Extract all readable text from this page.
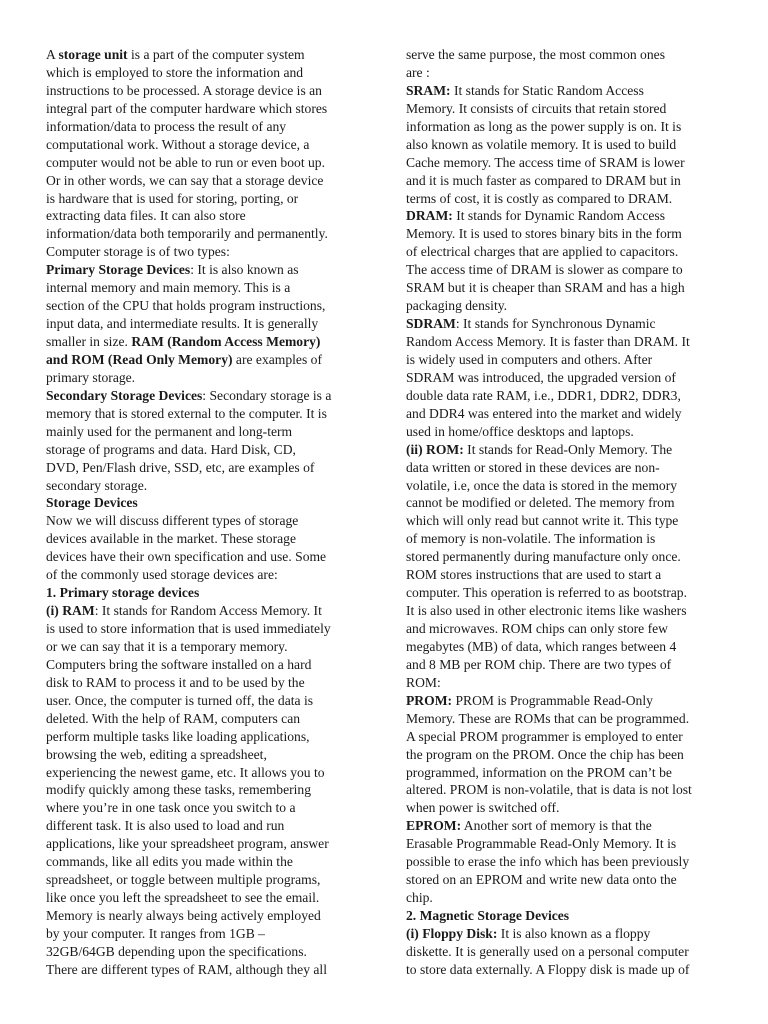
A storage unit is a part of the computer system
which is employed to store the information and
instructions to be processed. A storage device is an
integral part of the computer hardware which stores
information/data to process the result of any
computational work. Without a storage device, a
computer would not be able to run or even boot up.
Or in other words, we can say that a storage device
is hardware that is used for storing, porting, or
extracting data files. It can also store
information/data both temporarily and permanently.
Computer storage is of two types:
Primary Storage Devices: It is also known as
internal memory and main memory. This is a
section of the CPU that holds program instructions,
input data, and intermediate results. It is generally
smaller in size. RAM (Random Access Memory)
and ROM (Read Only Memory) are examples of
primary storage.
Secondary Storage Devices: Secondary storage is a
memory that is stored external to the computer. It is
mainly used for the permanent and long-term
storage of programs and data. Hard Disk, CD,
DVD, Pen/Flash drive, SSD, etc, are examples of
secondary storage.
Storage Devices
Now we will discuss different types of storage
devices available in the market. These storage
devices have their own specification and use. Some
of the commonly used storage devices are:
1. Primary storage devices
(i) RAM: It stands for Random Access Memory. It
is used to store information that is used immediately
or we can say that it is a temporary memory.
Computers bring the software installed on a hard
disk to RAM to process it and to be used by the
user. Once, the computer is turned off, the data is
deleted. With the help of RAM, computers can
perform multiple tasks like loading applications,
browsing the web, editing a spreadsheet,
experiencing the newest game, etc. It allows you to
modify quickly among these tasks, remembering
where you’re in one task once you switch to a
different task. It is also used to load and run
applications, like your spreadsheet program, answer
commands, like all edits you made within the
spreadsheet, or toggle between multiple programs,
like once you left the spreadsheet to see the email.
Memory is nearly always being actively employed
by your computer. It ranges from 1GB –
32GB/64GB depending upon the specifications.
There are different types of RAM, although they all
serve the same purpose, the most common ones
are :
SRAM: It stands for Static Random Access
Memory. It consists of circuits that retain stored
information as long as the power supply is on. It is
also known as volatile memory. It is used to build
Cache memory. The access time of SRAM is lower
and it is much faster as compared to DRAM but in
terms of cost, it is costly as compared to DRAM.
DRAM: It stands for Dynamic Random Access
Memory. It is used to stores binary bits in the form
of electrical charges that are applied to capacitors.
The access time of DRAM is slower as compare to
SRAM but it is cheaper than SRAM and has a high
packaging density.
SDRAM: It stands for Synchronous Dynamic
Random Access Memory. It is faster than DRAM. It
is widely used in computers and others. After
SDRAM was introduced, the upgraded version of
double data rate RAM, i.e., DDR1, DDR2, DDR3,
and DDR4 was entered into the market and widely
used in home/office desktops and laptops.
(ii) ROM: It stands for Read-Only Memory. The
data written or stored in these devices are non-
volatile, i.e, once the data is stored in the memory
cannot be modified or deleted. The memory from
which will only read but cannot write it. This type
of memory is non-volatile. The information is
stored permanently during manufacture only once.
ROM stores instructions that are used to start a
computer. This operation is referred to as bootstrap.
It is also used in other electronic items like washers
and microwaves. ROM chips can only store few
megabytes (MB) of data, which ranges between 4
and 8 MB per ROM chip. There are two types of
ROM:
PROM: PROM is Programmable Read-Only
Memory. These are ROMs that can be programmed.
A special PROM programmer is employed to enter
the program on the PROM. Once the chip has been
programmed, information on the PROM can’t be
altered. PROM is non-volatile, that is data is not lost
when power is switched off.
EPROM: Another sort of memory is that the
Erasable Programmable Read-Only Memory. It is
possible to erase the info which has been previously
stored on an EPROM and write new data onto the
chip.
2. Magnetic Storage Devices
(i) Floppy Disk: It is also known as a floppy
diskette. It is generally used on a personal computer
to store data externally. A Floppy disk is made up of
